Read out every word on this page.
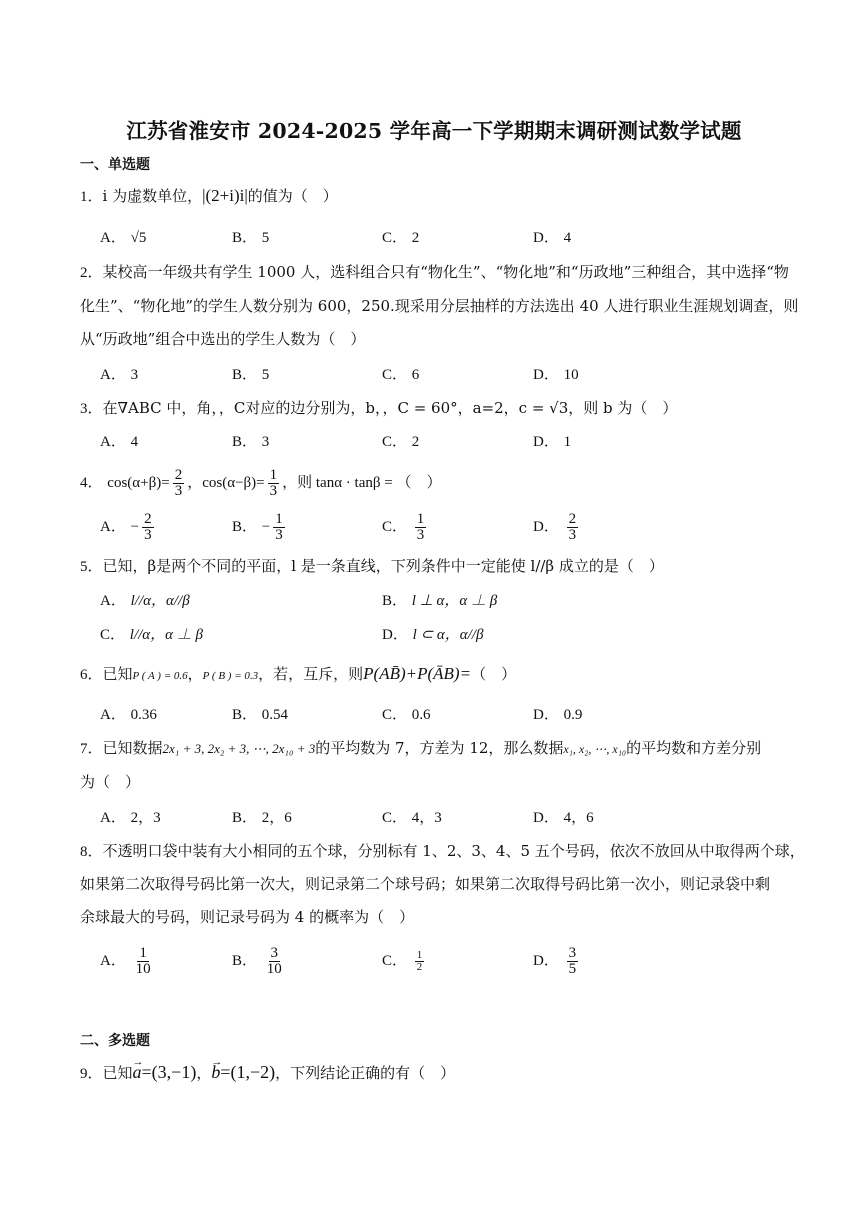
江苏省淮安市 2024-2025 学年高一下学期期末调研测试数学试题
一、单选题
1．i 为虚数单位，|(2+i)i|的值为（　）
A． √5	B． 5	C． 2	D． 4
2．某校高一年级共有学生 1000 人，选科组合只有“物化生”、“物化地”和“历政地”三种组合，其中选择“物
化生”、“物化地”的学生人数分别为 600，250.现采用分层抽样的方法选出 40 人进行职业生涯规划调查，则
从“历政地”组合中选出的学生人数为（　）
A． 3	B． 5	C． 6	D． 10
3．在∇ABC 中，角，，C对应的边分别为，b，，C = 60°，a=2，c = √3，则 b 为（　）
A． 4	B． 3	C． 2	D． 1
4． $\cos(\alpha+\beta)= \frac{2}{3}$ ，$\cos(\alpha-\beta)= \frac{1}{3}$ ，则 tanα · tanβ = （　）
A． − $\frac{2}{3}$	B． − $\frac{1}{3}$	C． $\frac{1}{3}$	D． $\frac{2}{3}$
5．已知，β是两个不同的平面，l 是一条直线，下列条件中一定能使 l//β 成立的是（　）
A． l//α，α//β	B． l ⊥ α，α ⊥ β
C． l//α，α ⊥ β	D． l ⊂ α，α//β
6．已知P ( A ) = 0.6，P ( B ) = 0.3，若，互斥，则P(AB̄)+P(ĀB)=（　）
A． 0.36	B． 0.54	C． 0.6	D． 0.9
7．已知数据2x₁ + 3, 2x₂ + 3, ⋯, 2x₁₀ + 3的平均数为 7，方差为 12，那么数据x₁, x₂, ⋯, x₁₀的平均数和方差分别
为（　）
A． 2，3	B． 2，6	C． 4，3	D． 4，6
8．不透明口袋中装有大小相同的五个球，分别标有 1、2、3、4、5 五个号码，依次不放回从中取得两个球，
如果第二次取得号码比第一次大，则记录第二个球号码；如果第二次取得号码比第一次小，则记录袋中剩
余球最大的号码，则记录号码为 4 的概率为（　）
A． $\frac{1}{10}$	B． $\frac{3}{10}$	C． $\frac{1}{2}$	D． $\frac{3}{5}$
二、多选题
9．已知→ a=(3,−1)，→ b=(1,−2)，下列结论正确的有（　）
